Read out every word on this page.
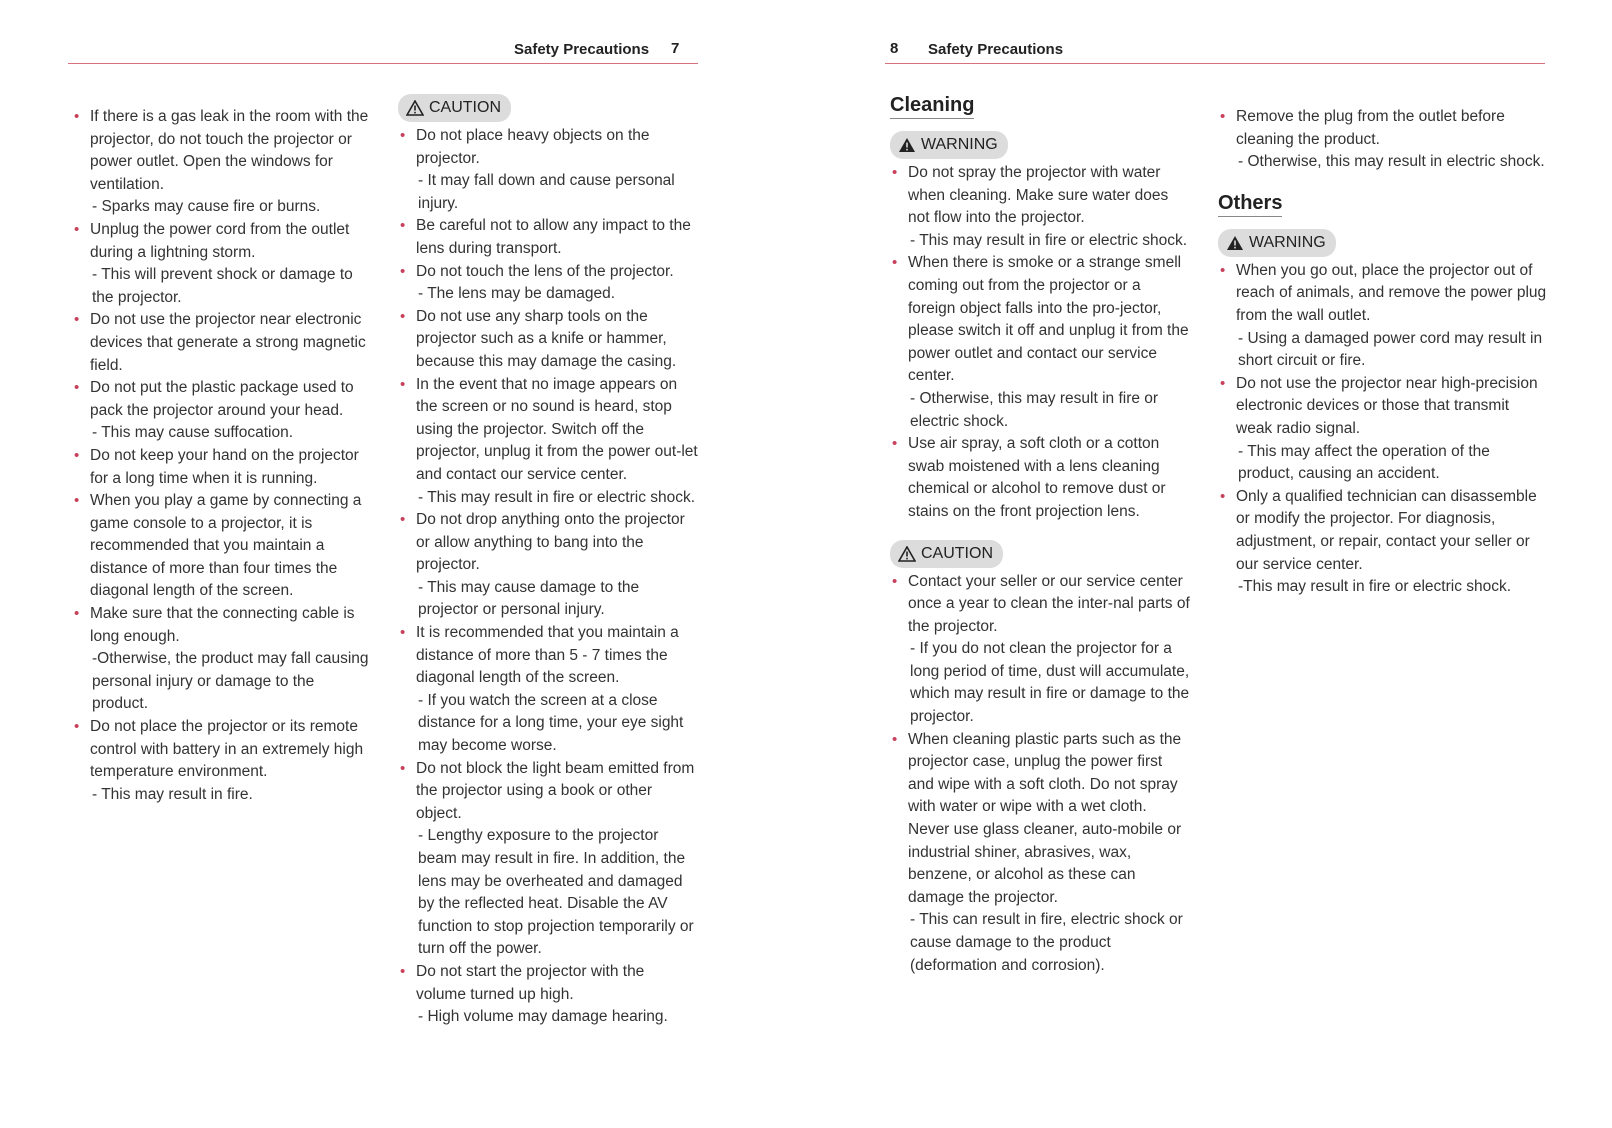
Safety Precautions 7	8 Safety Precautions
• If there is a gas leak in the room with the projector, do not touch the projector or power outlet. Open the windows for ventilation.
- Sparks may cause fire or burns.
• Unplug the power cord from the outlet during a lightning storm.
- This will prevent shock or damage to the projector.
• Do not use the projector near electronic devices that generate a strong magnetic field.
• Do not put the plastic package used to pack the projector around your head.
- This may cause suffocation.
• Do not keep your hand on the projector for a long time when it is running.
• When you play a game by connecting a game console to a projector, it is recommended that you maintain a distance of more than four times the diagonal length of the screen.
• Make sure that the connecting cable is long enough.
-Otherwise, the product may fall causing personal injury or damage to the product.
• Do not place the projector or its remote control with battery in an extremely high temperature environment.
- This may result in fire.
CAUTION
• Do not place heavy objects on the projector.
- It may fall down and cause personal injury.
• Be careful not to allow any impact to the lens during transport.
• Do not touch the lens of the projector.
- The lens may be damaged.
• Do not use any sharp tools on the projector such as a knife or hammer, because this may damage the casing.
• In the event that no image appears on the screen or no sound is heard, stop using the projector. Switch off the projector, unplug it from the power out-let and contact our service center.
- This may result in fire or electric shock.
• Do not drop anything onto the projector or allow anything to bang into the projector.
- This may cause damage to the projector or personal injury.
• It is recommended that you maintain a distance of more than 5 - 7 times the diagonal length of the screen.
- If you watch the screen at a close distance for a long time, your eye sight may become worse.
• Do not block the light beam emitted from the projector using a book or other object.
- Lengthy exposure to the projector beam may result in fire. In addition, the lens may be overheated and damaged by the reflected heat. Disable the AV function to stop projection temporarily or turn off the power.
• Do not start the projector with the volume turned up high.
- High volume may damage hearing.
Cleaning
WARNING
• Do not spray the projector with water when cleaning. Make sure water does not flow into the projector.
- This may result in fire or electric shock.
• When there is smoke or a strange smell coming out from the projector or a foreign object falls into the pro-jector, please switch it off and unplug it from the power outlet and contact our service center.
- Otherwise, this may result in fire or electric shock.
• Use air spray, a soft cloth or a cotton swab moistened with a lens cleaning chemical or alcohol to remove dust or stains on the front projection lens.
CAUTION
• Contact your seller or our service center once a year to clean the inter-nal parts of the projector.
- If you do not clean the projector for a long period of time, dust will accumulate, which may result in fire or damage to the projector.
• When cleaning plastic parts such as the projector case, unplug the power first and wipe with a soft cloth. Do not spray with water or wipe with a wet cloth. Never use glass cleaner, auto-mobile or industrial shiner, abrasives, wax, benzene, or alcohol as these can damage the projector.
- This can result in fire, electric shock or cause damage to the product (deformation and corrosion).
• Remove the plug from the outlet before cleaning the product.
- Otherwise, this may result in electric shock.
Others
WARNING
• When you go out, place the projector out of reach of animals, and remove the power plug from the wall outlet.
- Using a damaged power cord may result in short circuit or fire.
• Do not use the projector near high-precision electronic devices or those that transmit weak radio signal.
- This may affect the operation of the product, causing an accident.
• Only a qualified technician can disassemble or modify the projector. For diagnosis, adjustment, or repair, contact your seller or our service center.
-This may result in fire or electric shock.
